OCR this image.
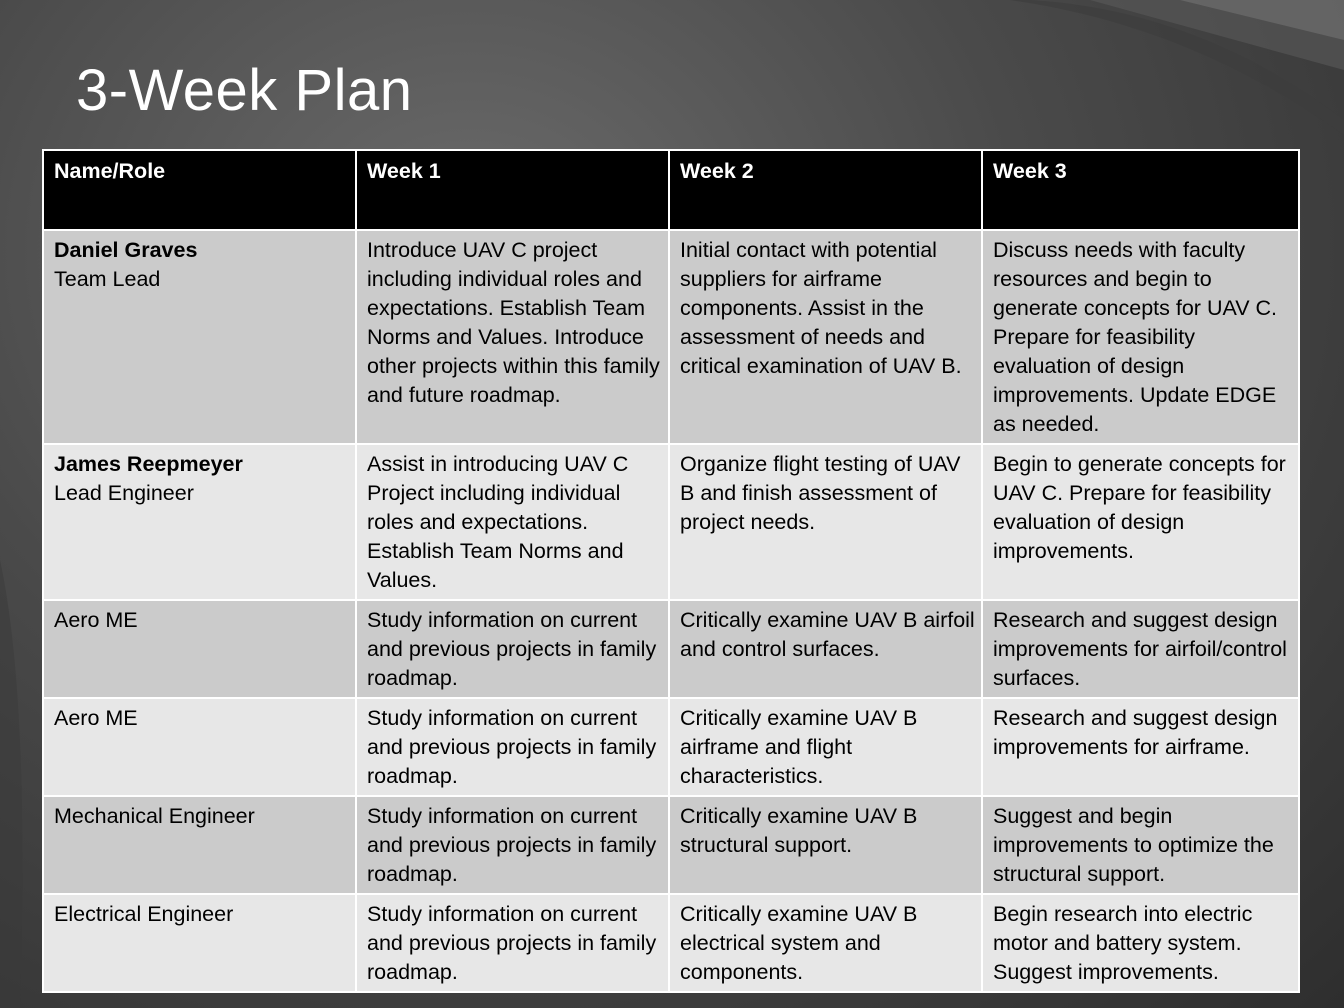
3-Week Plan
Name/Role	Week 1	Week 2	Week 3

Daniel Graves
Team Lead	Introduce UAV C project including individual roles and expectations. Establish Team Norms and Values. Introduce other projects within this family and future roadmap.	Initial contact with potential suppliers for airframe components. Assist in the assessment of needs and critical examination of UAV B.	Discuss needs with faculty resources and begin to generate concepts for UAV C. Prepare for feasibility evaluation of design improvements. Update EDGE as needed.

James Reepmeyer
Lead Engineer	Assist in introducing UAV C Project including individual roles and expectations. Establish Team Norms and Values.	Organize flight testing of UAV B and finish assessment of project needs.	Begin to generate concepts for UAV C. Prepare for feasibility evaluation of design improvements.

Aero ME	Study information on current and previous projects in family roadmap.	Critically examine UAV B airfoil and control surfaces.	Research and suggest design improvements for airfoil/control surfaces.

Aero ME	Study information on current and previous projects in family roadmap.	Critically examine UAV B airframe and flight characteristics.	Research and suggest design improvements for airframe.

Mechanical Engineer	Study information on current and previous projects in family roadmap.	Critically examine UAV B structural support.	Suggest and begin improvements to optimize the structural support.

Electrical Engineer	Study information on current and previous projects in family roadmap.	Critically examine UAV B electrical system and components.	Begin research into electric motor and battery system. Suggest improvements.
